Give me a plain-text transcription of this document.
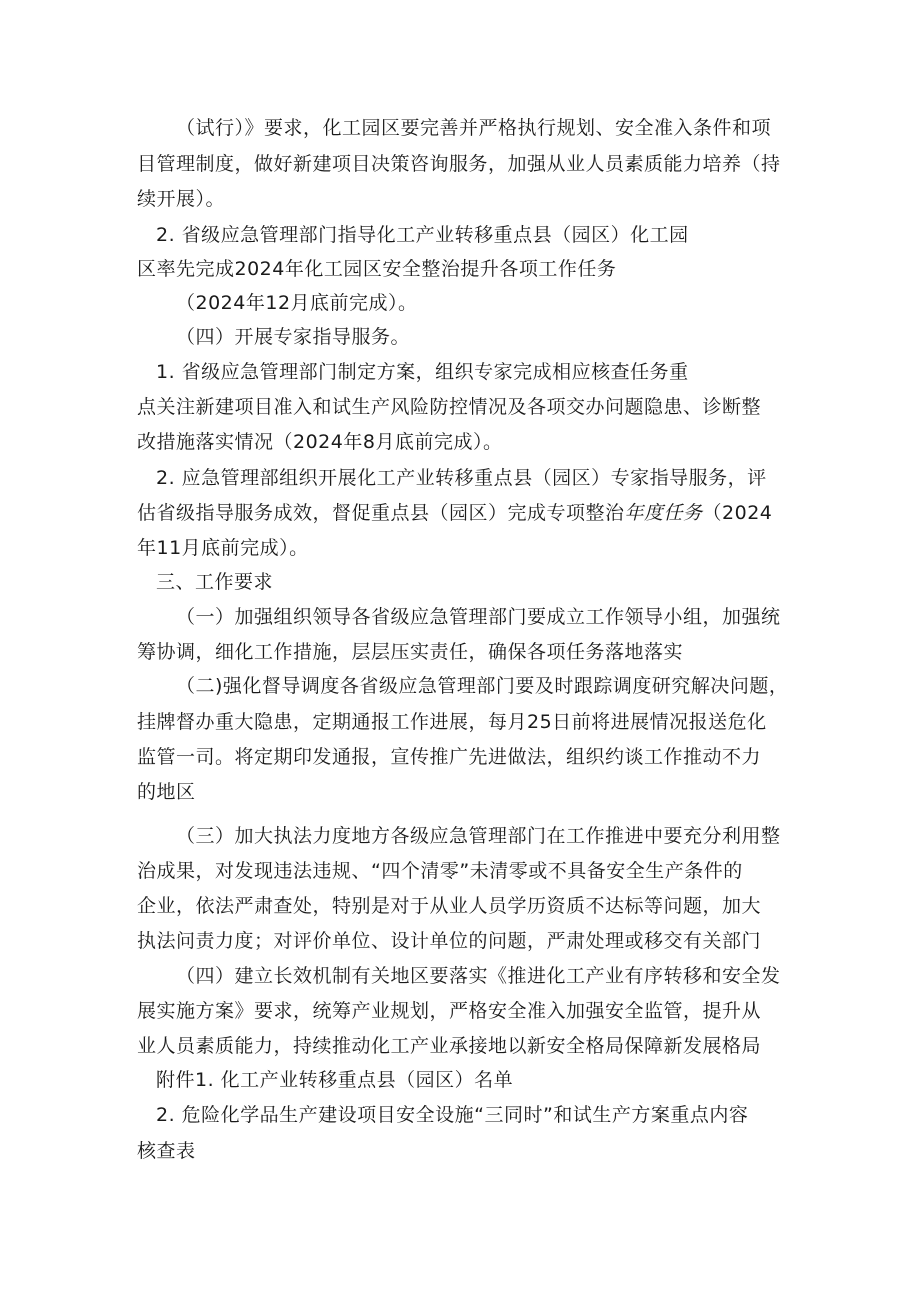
（试行）》要求，化工园区要完善并严格执行规划、安全准入条件和项
目管理制度，做好新建项目决策咨询服务，加强从业人员素质能力培养（持
续开展）。
2. 省级应急管理部门指导化工产业转移重点县（园区）化工园
区率先完成2024年化工园区安全整治提升各项工作任务
（2024年12月底前完成）。
（四）开展专家指导服务。
1. 省级应急管理部门制定方案，组织专家完成相应核查任务重
点关注新建项目准入和试生产风险防控情况及各项交办问题隐患、诊断整
改措施落实情况（2024年8月底前完成）。
2. 应急管理部组织开展化工产业转移重点县（园区）专家指导服务，评
估省级指导服务成效，督促重点县（园区）完成专项整治年度任务（2024
年11月底前完成）。
三、工作要求
（一）加强组织领导各省级应急管理部门要成立工作领导小组，加强统
筹协调，细化工作措施，层层压实责任，确保各项任务落地落实
（二)强化督导调度各省级应急管理部门要及时跟踪调度研究解决问题，
挂牌督办重大隐患，定期通报工作进展，每月25日前将进展情况报送危化
监管一司。将定期印发通报，宣传推广先进做法，组织约谈工作推动不力
的地区
（三）加大执法力度地方各级应急管理部门在工作推进中要充分利用整
治成果，对发现违法违规、“四个清零”未清零或不具备安全生产条件的
企业，依法严肃查处，特别是对于从业人员学历资质不达标等问题，加大
执法问责力度；对评价单位、设计单位的问题，严肃处理或移交有关部门
（四）建立长效机制有关地区要落实《推进化工产业有序转移和安全发
展实施方案》要求，统筹产业规划，严格安全准入加强安全监管，提升从
业人员素质能力，持续推动化工产业承接地以新安全格局保障新发展格局
附件1. 化工产业转移重点县（园区）名单
2. 危险化学品生产建设项目安全设施“三同时”和试生产方案重点内容
核查表
